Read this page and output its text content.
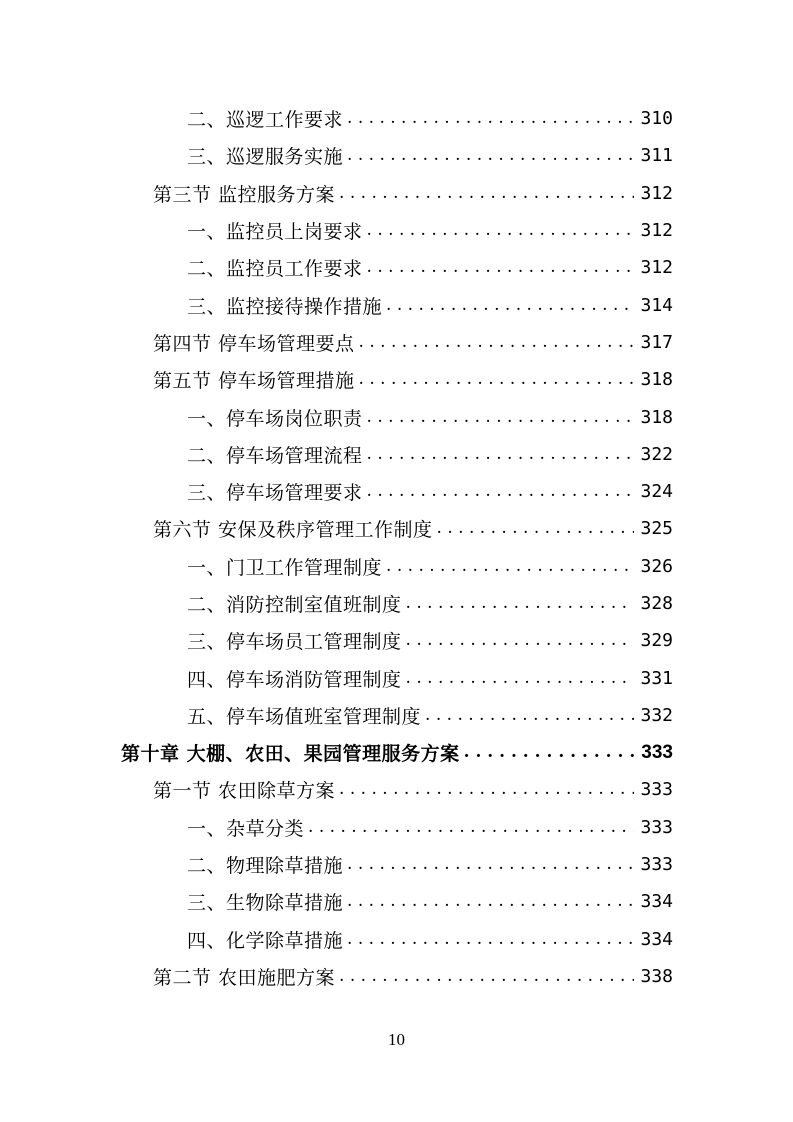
二、巡逻工作要求 . . .	310
三、巡逻服务实施 . . .	311
第三节 监控服务方案 . . .	312
一、监控员上岗要求 . . .	312
二、监控员工作要求 . . .	312
三、监控接待操作措施 . . .	314
第四节 停车场管理要点 . . .	317
第五节 停车场管理措施 . . .	318
一、停车场岗位职责 . . .	318
二、停车场管理流程 . . .	322
三、停车场管理要求 . . .	324
第六节 安保及秩序管理工作制度 . . .	325
一、门卫工作管理制度 . . .	326
二、消防控制室值班制度 . . .	328
三、停车场员工管理制度 . . .	329
四、停车场消防管理制度 . . .	331
五、停车场值班室管理制度 . . .	332
第十章 大棚、农田、果园管理服务方案 . . .	333
第一节 农田除草方案 . . .	333
一、杂草分类 . . .	333
二、物理除草措施 . . .	333
三、生物除草措施 . . .	334
四、化学除草措施 . . .	334
第二节 农田施肥方案 . . .	338
10
